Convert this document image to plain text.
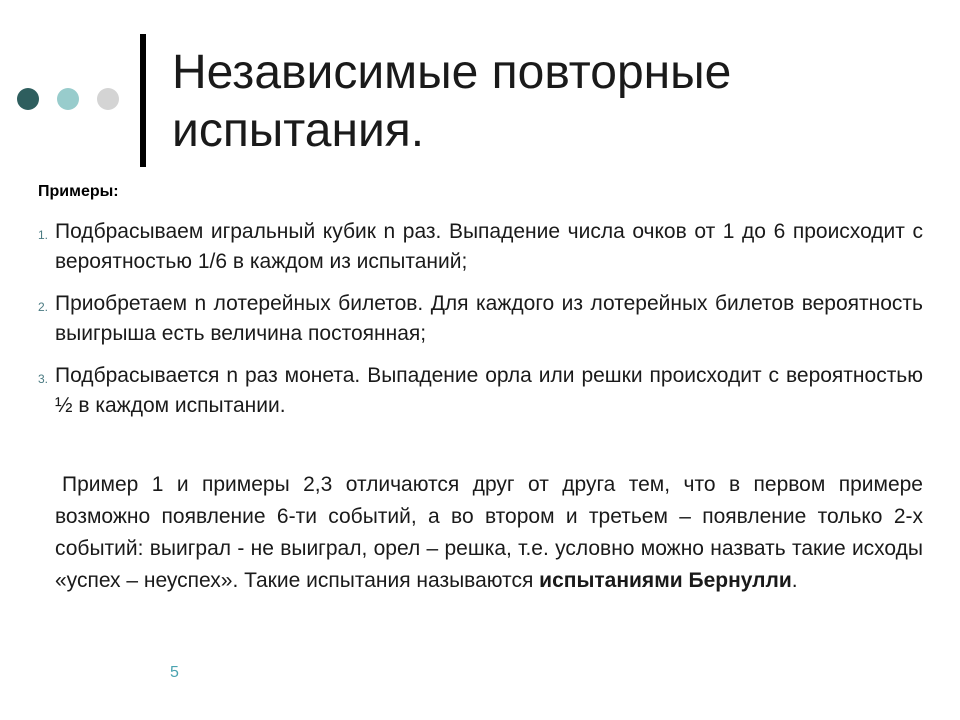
Независимые повторные испытания.
Примеры:
1. Подбрасываем игральный кубик n раз. Выпадение числа очков от 1 до 6 происходит с вероятностью 1/6 в каждом из испытаний;
2. Приобретаем n лотерейных билетов. Для каждого из лотерейных билетов вероятность выигрыша есть величина постоянная;
3. Подбрасывается n раз монета. Выпадение орла или решки происходит с вероятностью ½ в каждом испытании.
Пример 1 и примеры 2,3 отличаются друг от друга тем, что в первом примере возможно появление 6-ти событий, а во втором и третьем – появление только 2-х событий: выиграл - не выиграл, орел – решка, т.е. условно можно назвать такие исходы «успех – неуспех». Такие испытания называются испытаниями Бернулли.
5
